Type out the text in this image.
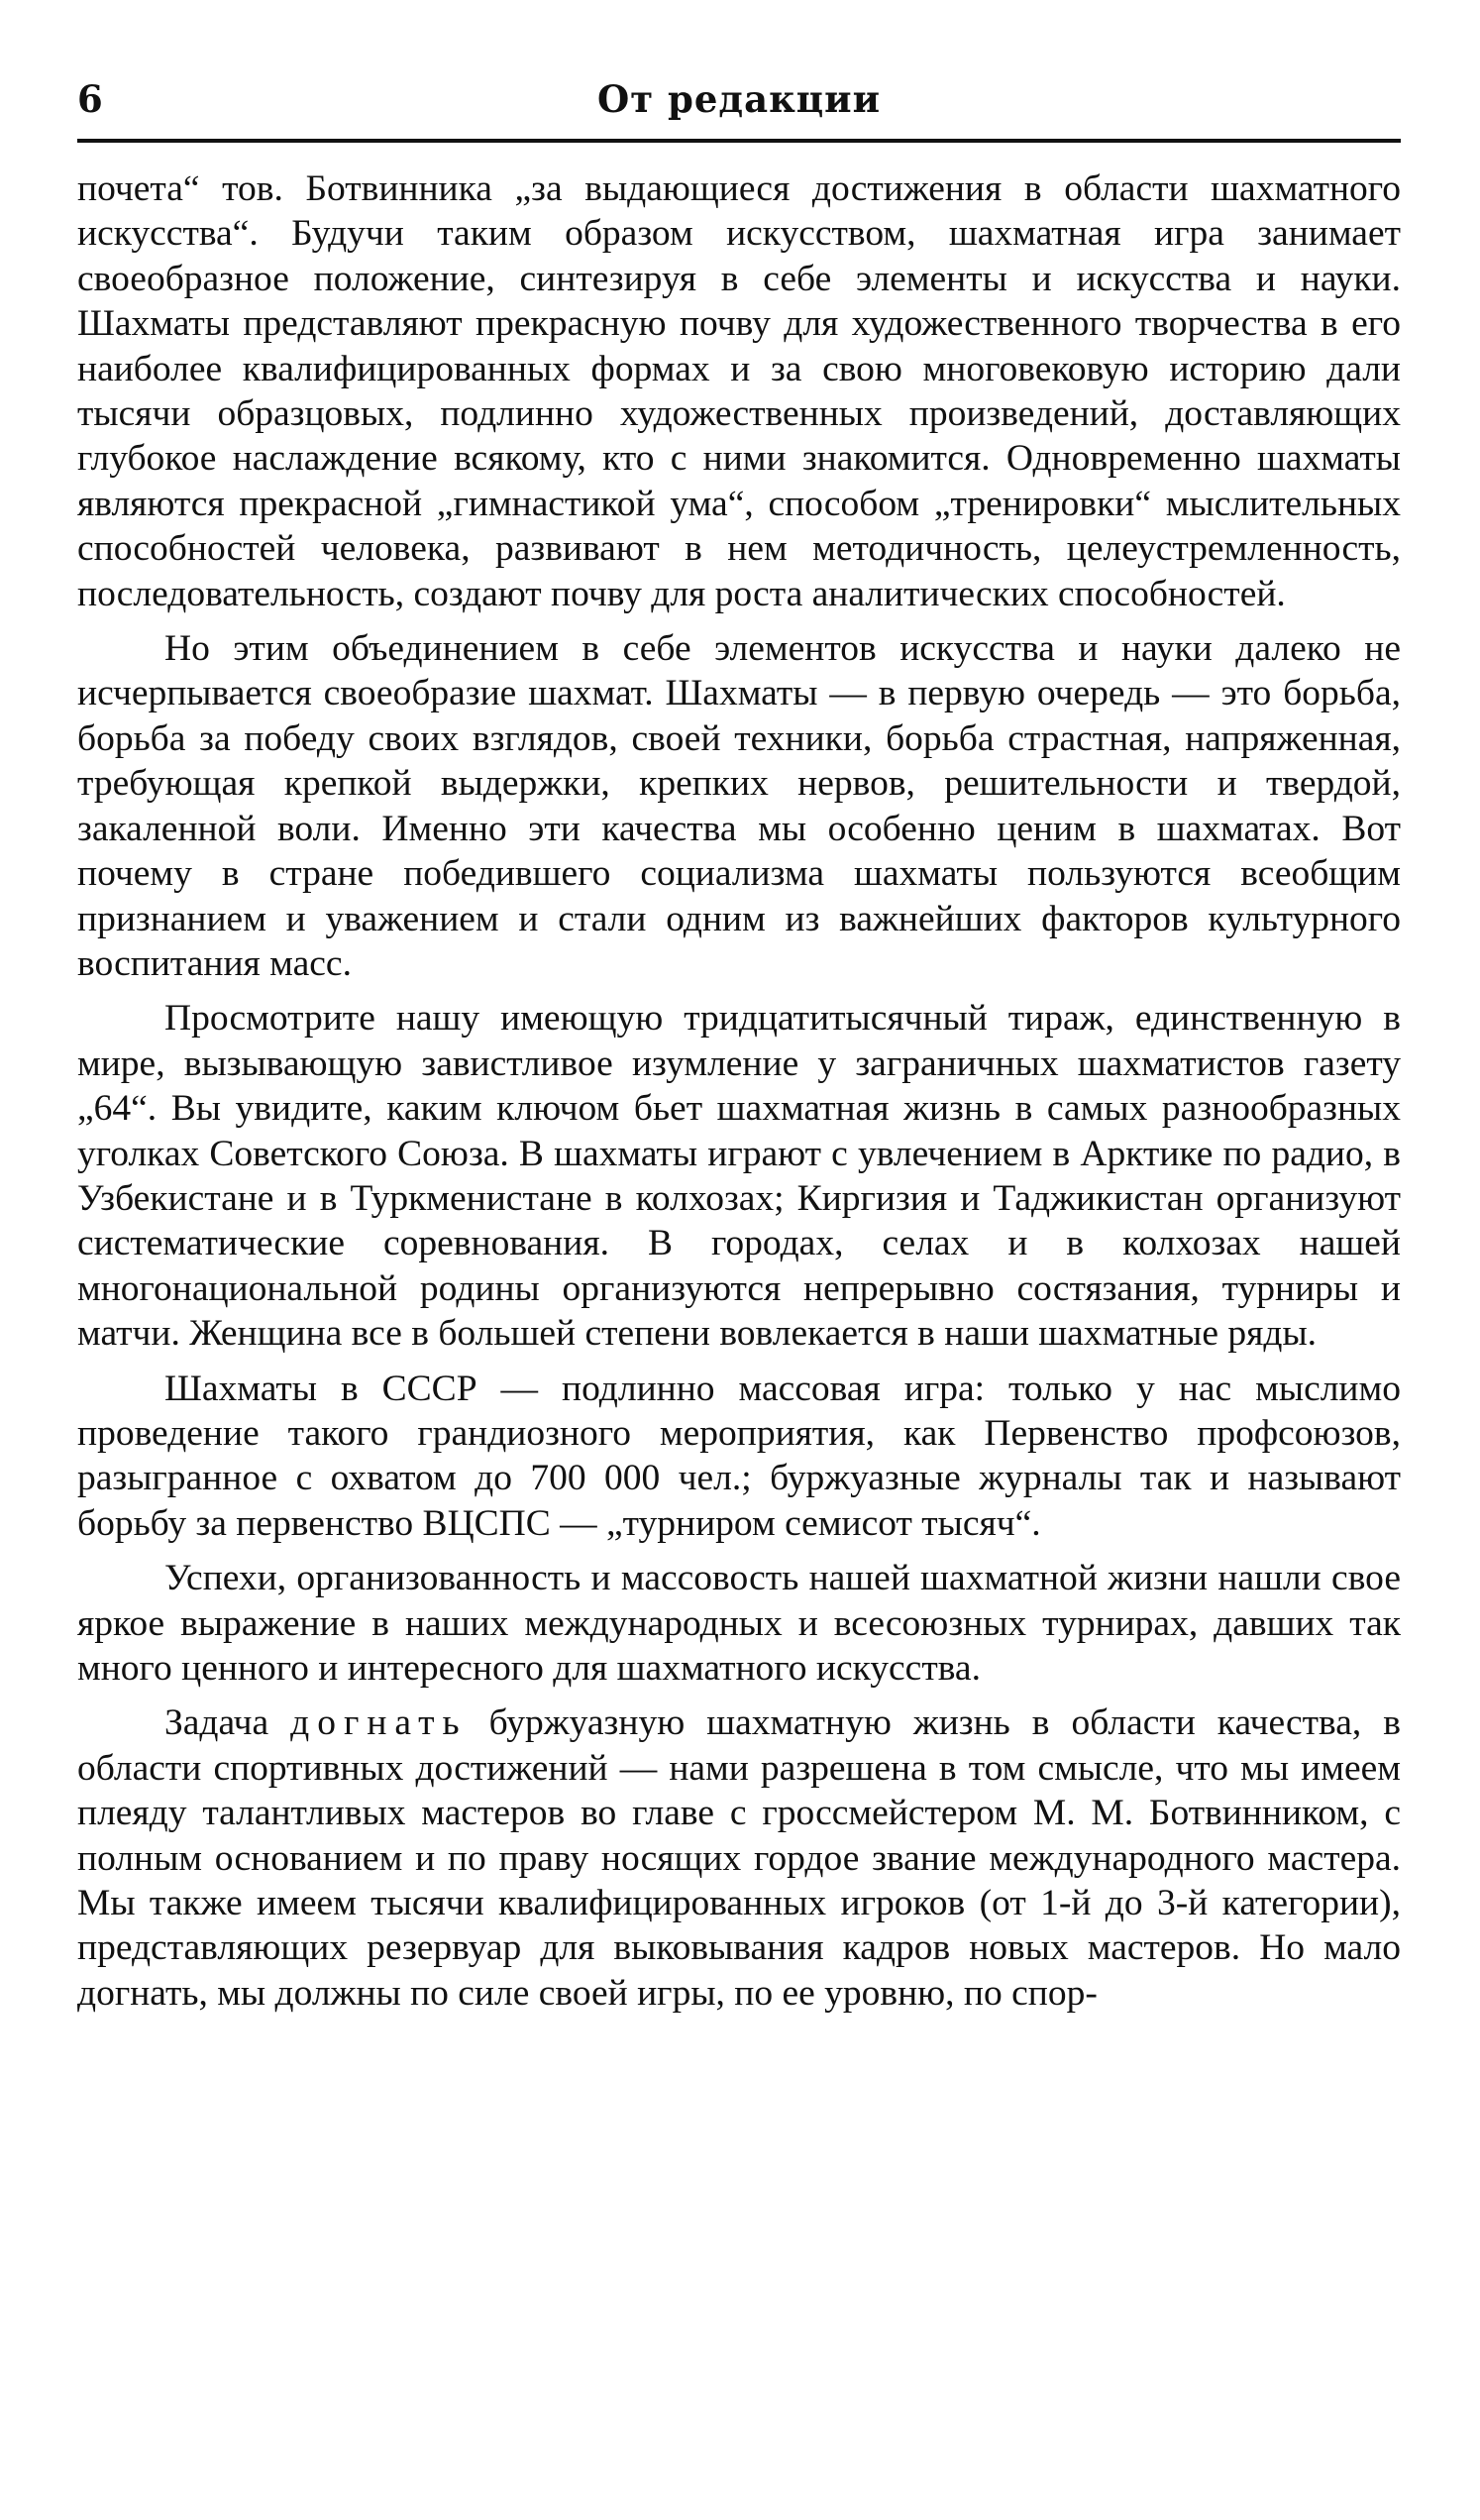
6	От редакции

почета“ тов. Ботвинника „за выдающиеся достижения в области шахматного искусства“. Будучи таким образом искусством, шахматная игра занимает своеобразное положение, синтезируя в себе элементы и искусства и науки. Шахматы представляют прекрасную почву для художественного творчества в его наиболее квалифицированных формах и за свою многовековую историю дали тысячи образцовых, подлинно художественных произведений, доставляющих глубокое наслаждение всякому, кто с ними знакомится. Одновременно шахматы являются прекрасной „гимнастикой ума“, способом „тренировки“ мыслительных способностей человека, развивают в нем методичность, целеустремленность, последовательность, создают почву для роста аналитических способностей.

Но этим объединением в себе элементов искусства и науки далеко не исчерпывается своеобразие шахмат. Шахматы — в первую очередь — это борьба, борьба за победу своих взглядов, своей техники, борьба страстная, напряженная, требующая крепкой выдержки, крепких нервов, решительности и твердой, закаленной воли. Именно эти качества мы особенно ценим в шахматах. Вот почему в стране победившего социализма шахматы пользуются всеобщим признанием и уважением и стали одним из важнейших факторов культурного воспитания масс.

Просмотрите нашу имеющую тридцатитысячный тираж, единственную в мире, вызывающую завистливое изумление у заграничных шахматистов газету „64“. Вы увидите, каким ключом бьет шахматная жизнь в самых разнообразных уголках Советского Союза. В шахматы играют с увлечением в Арктике по радио, в Узбекистане и в Туркменистане в колхозах; Киргизия и Таджикистан организуют систематические соревнования. В городах, селах и в колхозах нашей многонациональной родины организуются непрерывно состязания, турниры и матчи. Женщина все в большей степени вовлекается в наши шахматные ряды.

Шахматы в СССР — подлинно массовая игра: только у нас мыслимо проведение такого грандиозного мероприятия, как Первенство профсоюзов, разыгранное с охватом до 700 000 чел.; буржуазные журналы так и называют борьбу за первенство ВЦСПС — „турниром семисот тысяч“.

Успехи, организованность и массовость нашей шахматной жизни нашли свое яркое выражение в наших международных и всесоюзных турнирах, давших так много ценного и интересного для шахматного искусства.

Задача догнать буржуазную шахматную жизнь в области качества, в области спортивных достижений — нами разрешена в том смысле, что мы имеем плеяду талантливых мастеров во главе с гроссмейстером М. М. Ботвинником, с полным основанием и по праву носящих гордое звание международного мастера. Мы также имеем тысячи квалифицированных игроков (от 1-й до 3-й категории), представляющих резервуар для выковывания кадров новых мастеров. Но мало догнать, мы должны по силе своей игры, по ее уровню, по спор-
